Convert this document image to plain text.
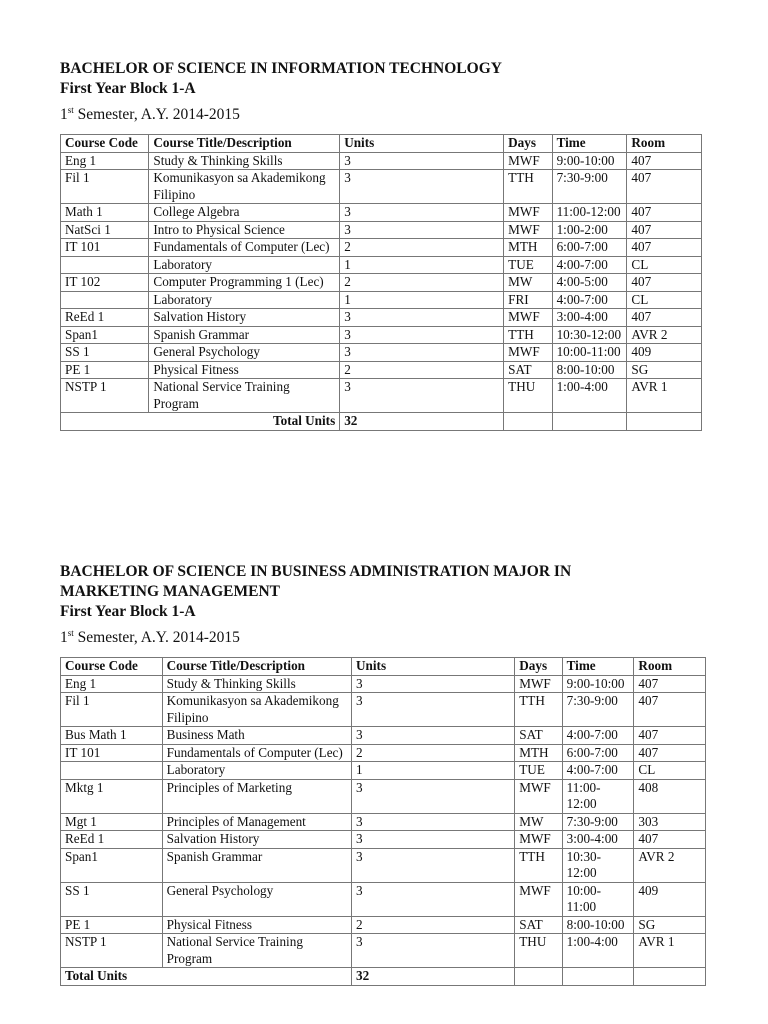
BACHELOR OF SCIENCE IN INFORMATION TECHNOLOGY

First Year Block 1-A

1st Semester, A.Y. 2014-2015

Course Code	Course Title/Description	Units	Days	Time	Room
Eng 1	Study & Thinking Skills	3	MWF	9:00-10:00	407
Fil 1	Komunikasyon sa Akademikong Filipino	3	TTH	7:30-9:00	407
Math 1	College Algebra	3	MWF	11:00-12:00	407
NatSci 1	Intro to Physical Science	3	MWF	1:00-2:00	407
IT 101	Fundamentals of Computer (Lec)	2	MTH	6:00-7:00	407
	Laboratory	1	TUE	4:00-7:00	CL
IT 102	Computer Programming 1 (Lec)	2	MW	4:00-5:00	407
	Laboratory	1	FRI	4:00-7:00	CL
ReEd 1	Salvation History	3	MWF	3:00-4:00	407
Span1	Spanish Grammar	3	TTH	10:30-12:00	AVR 2
SS 1	General Psychology	3	MWF	10:00-11:00	409
PE 1	Physical Fitness	2	SAT	8:00-10:00	SG
NSTP 1	National Service Training Program	3	THU	1:00-4:00	AVR 1
Total Units		32			

BACHELOR OF SCIENCE IN BUSINESS ADMINISTRATION MAJOR IN MARKETING MANAGEMENT

First Year Block 1-A

1st Semester, A.Y. 2014-2015

Course Code	Course Title/Description	Units	Days	Time	Room
Eng 1	Study & Thinking Skills	3	MWF	9:00-10:00	407
Fil 1	Komunikasyon sa Akademikong Filipino	3	TTH	7:30-9:00	407
Bus Math 1	Business Math	3	SAT	4:00-7:00	407
IT 101	Fundamentals of Computer (Lec)	2	MTH	6:00-7:00	407
	Laboratory	1	TUE	4:00-7:00	CL
Mktg 1	Principles of Marketing	3	MWF	11:00-12:00	408
Mgt 1	Principles of Management	3	MW	7:30-9:00	303
ReEd 1	Salvation History	3	MWF	3:00-4:00	407
Span1	Spanish Grammar	3	TTH	10:30-12:00	AVR 2
SS 1	General Psychology	3	MWF	10:00-11:00	409
PE 1	Physical Fitness	2	SAT	8:00-10:00	SG
NSTP 1	National Service Training Program	3	THU	1:00-4:00	AVR 1
Total Units		32			
